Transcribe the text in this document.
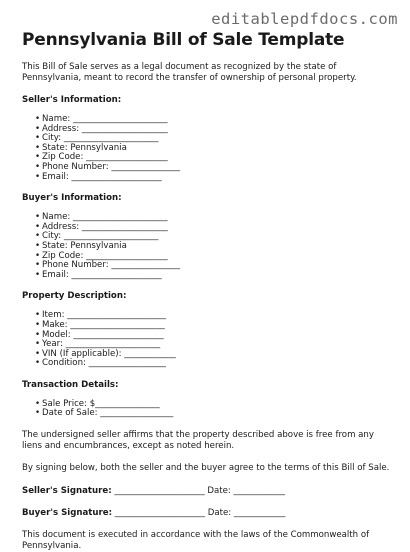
editablepdfdocs.com
Pennsylvania Bill of Sale Template

This Bill of Sale serves as a legal document as recognized by the state of Pennsylvania, meant to record the transfer of ownership of personal property.

Seller's Information:
• Name: ______________________
• Address: ____________________
• City: ______________________
• State: Pennsylvania
• Zip Code: ___________________
• Phone Number: ________________
• Email: _____________________
Buyer's Information:
• Name: ______________________
• Address: ____________________
• City: ______________________
• State: Pennsylvania
• Zip Code: ___________________
• Phone Number: ________________
• Email: _____________________
Property Description:
• Item: _______________________
• Make: ______________________
• Model: _____________________
• Year: ______________________
• VIN (If applicable): ____________
• Condition: __________________
Transaction Details:
• Sale Price: $_______________
• Date of Sale: _________________

The undersigned seller affirms that the property described above is free from any liens and encumbrances, except as noted herein.

By signing below, both the seller and the buyer agree to the terms of this Bill of Sale.

Seller's Signature: _____________________ Date: ____________
Buyer's Signature: _____________________ Date: ____________

This document is executed in accordance with the laws of the Commonwealth of Pennsylvania.
